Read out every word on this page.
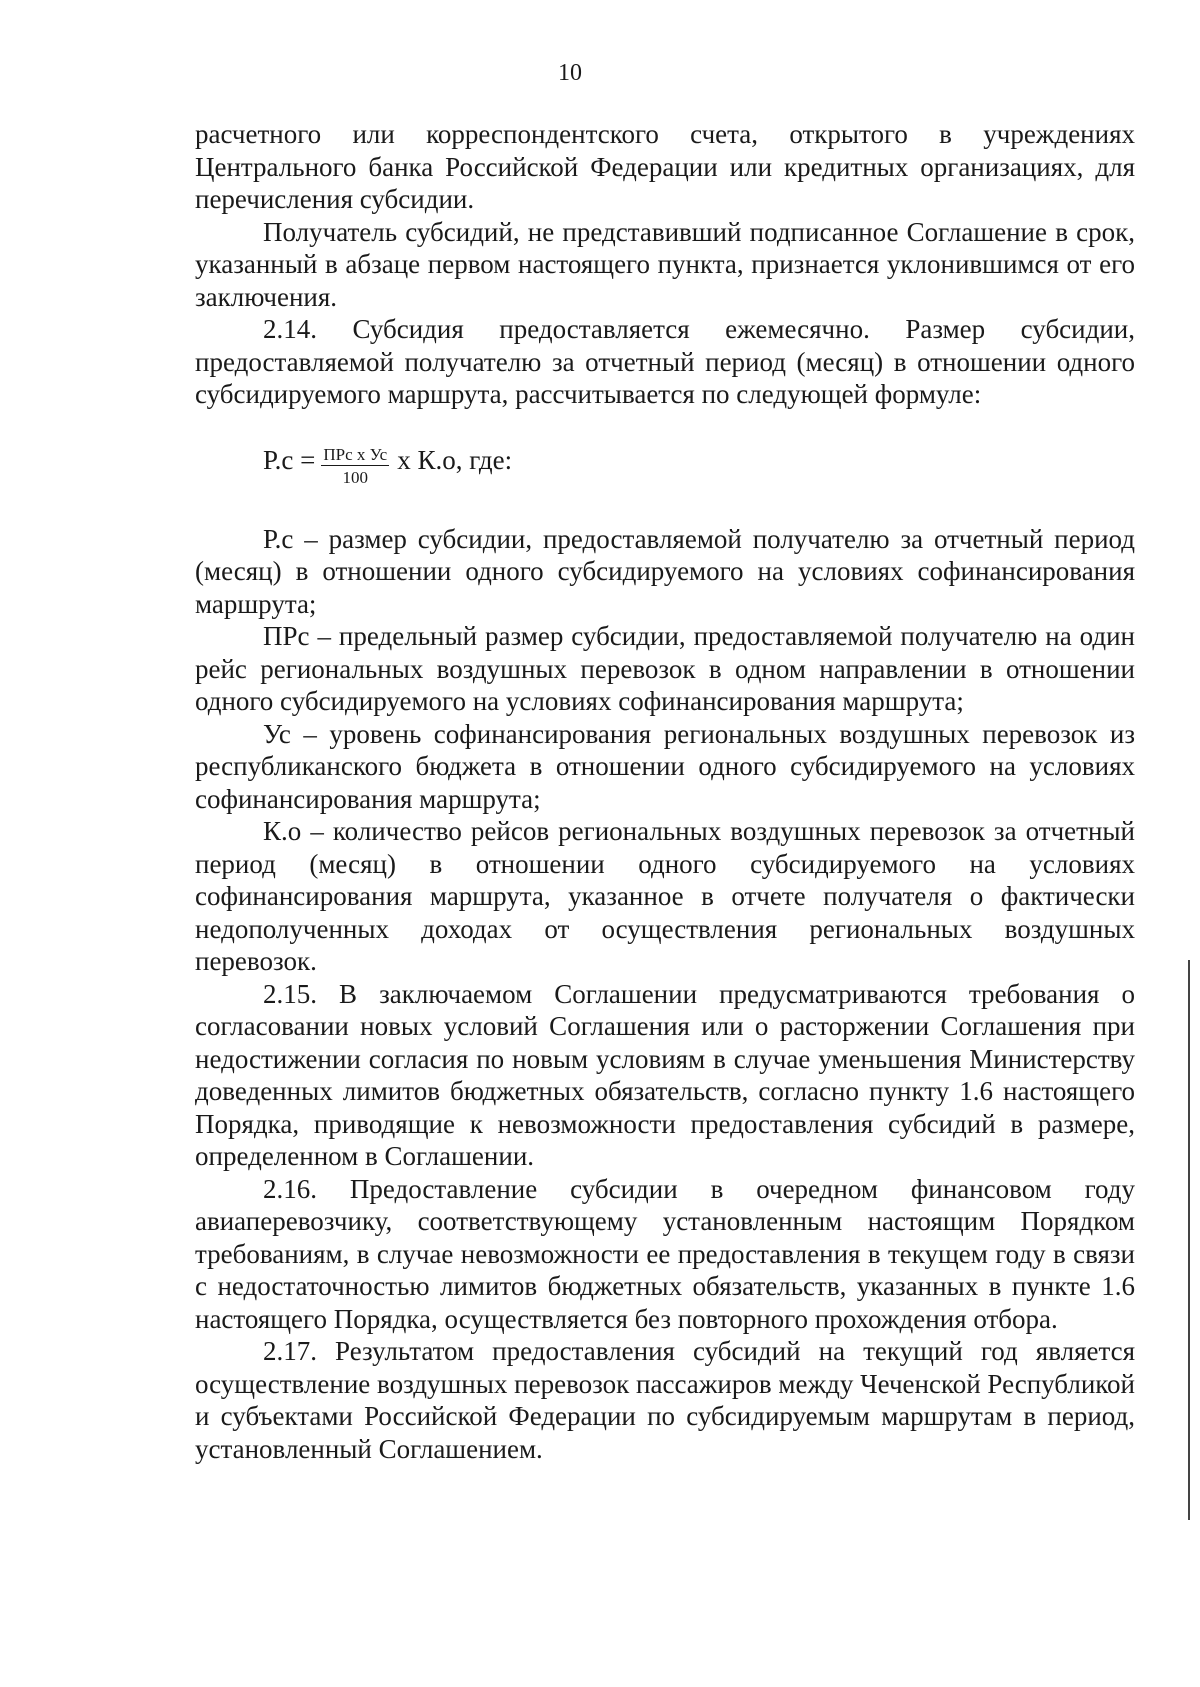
10

расчетного или корреспондентского счета, открытого в учреждениях Центрального банка Российской Федерации или кредитных организациях, для перечисления субсидии.

Получатель субсидий, не представивший подписанное Соглашение в срок, указанный в абзаце первом настоящего пункта, признается уклонившимся от его заключения.

2.14. Субсидия предоставляется ежемесячно. Размер субсидии, предоставляемой получателю за отчетный период (месяц) в отношении одного субсидируемого маршрута, рассчитывается по следующей формуле:

$Р.с = \frac{\text{ПРс x Ус}}{100}$ x К.о, где:

Р.с – размер субсидии, предоставляемой получателю за отчетный период (месяц) в отношении одного субсидируемого на условиях софинансирования маршрута;

ПРс – предельный размер субсидии, предоставляемой получателю на один рейс региональных воздушных перевозок в одном направлении в отношении одного субсидируемого на условиях софинансирования маршрута;

Ус – уровень софинансирования региональных воздушных перевозок из республиканского бюджета в отношении одного субсидируемого на условиях софинансирования маршрута;

К.о – количество рейсов региональных воздушных перевозок за отчетный период (месяц) в отношении одного субсидируемого на условиях софинансирования маршрута, указанное в отчете получателя о фактически недополученных доходах от осуществления региональных воздушных перевозок.

2.15. В заключаемом Соглашении предусматриваются требования о согласовании новых условий Соглашения или о расторжении Соглашения при недостижении согласия по новым условиям в случае уменьшения Министерству доведенных лимитов бюджетных обязательств, согласно пункту 1.6 настоящего Порядка, приводящие к невозможности предоставления субсидий в размере, определенном в Соглашении.

2.16. Предоставление субсидии в очередном финансовом году авиаперевозчику, соответствующему установленным настоящим Порядком требованиям, в случае невозможности ее предоставления в текущем году в связи с недостаточностью лимитов бюджетных обязательств, указанных в пункте 1.6 настоящего Порядка, осуществляется без повторного прохождения отбора.

2.17. Результатом предоставления субсидий на текущий год является осуществление воздушных перевозок пассажиров между Чеченской Республикой и субъектами Российской Федерации по субсидируемым маршрутам в период, установленный Соглашением.
